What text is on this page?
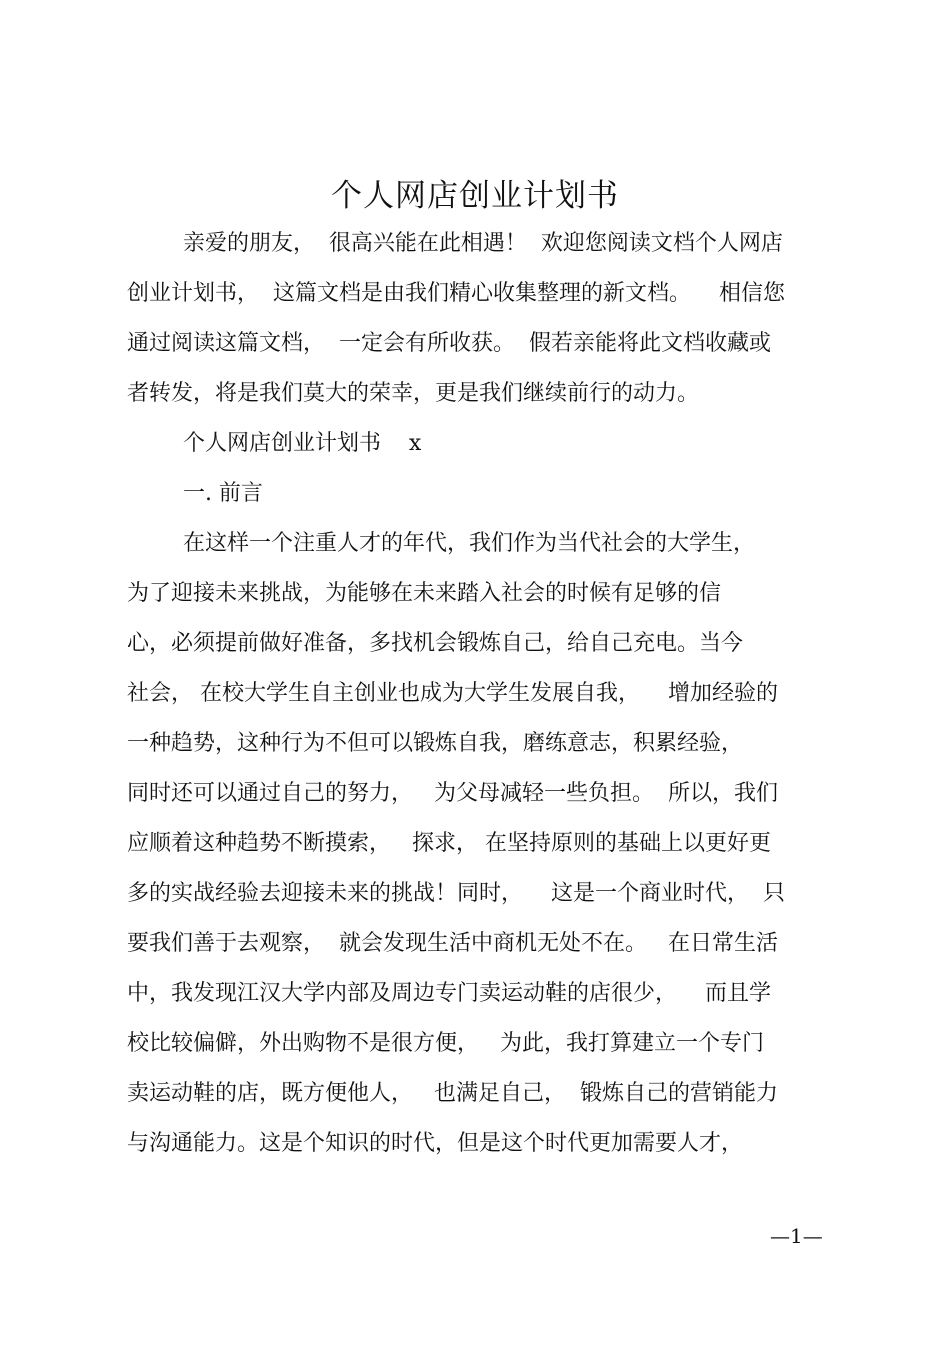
个人网店创业计划书

亲爱的朋友，  很高兴能在此相遇！  欢迎您阅读文档个人网店

创业计划书，  这篇文档是由我们精心收集整理的新文档。    相信您

通过阅读这篇文档，  一定会有所收获。  假若亲能将此文档收藏或

者转发，将是我们莫大的荣幸，更是我们继续前行的动力。

个人网店创业计划书    x

一. 前言

在这样一个注重人才的年代，我们作为当代社会的大学生，

为了迎接未来挑战，为能够在未来踏入社会的时候有足够的信

心，必须提前做好准备，多找机会锻炼自己，给自己充电。当今

社会， 在校大学生自主创业也成为大学生发展自我，    增加经验的

一种趋势，这种行为不但可以锻炼自我，磨练意志，积累经验，

同时还可以通过自己的努力，   为父母减轻一些负担。  所以，我们

应顺着这种趋势不断摸索，   探求， 在坚持原则的基础上以更好更

多的实战经验去迎接未来的挑战！同时，    这是一个商业时代，  只

要我们善于去观察，  就会发现生活中商机无处不在。   在日常生活

中，我发现江汉大学内部及周边专门卖运动鞋的店很少，    而且学

校比较偏僻，外出购物不是很方便，   为此，我打算建立一个专门

卖运动鞋的店，既方便他人，   也满足自己，  锻炼自己的营销能力

与沟通能力。这是个知识的时代，但是这个时代更加需要人才，

—1—
